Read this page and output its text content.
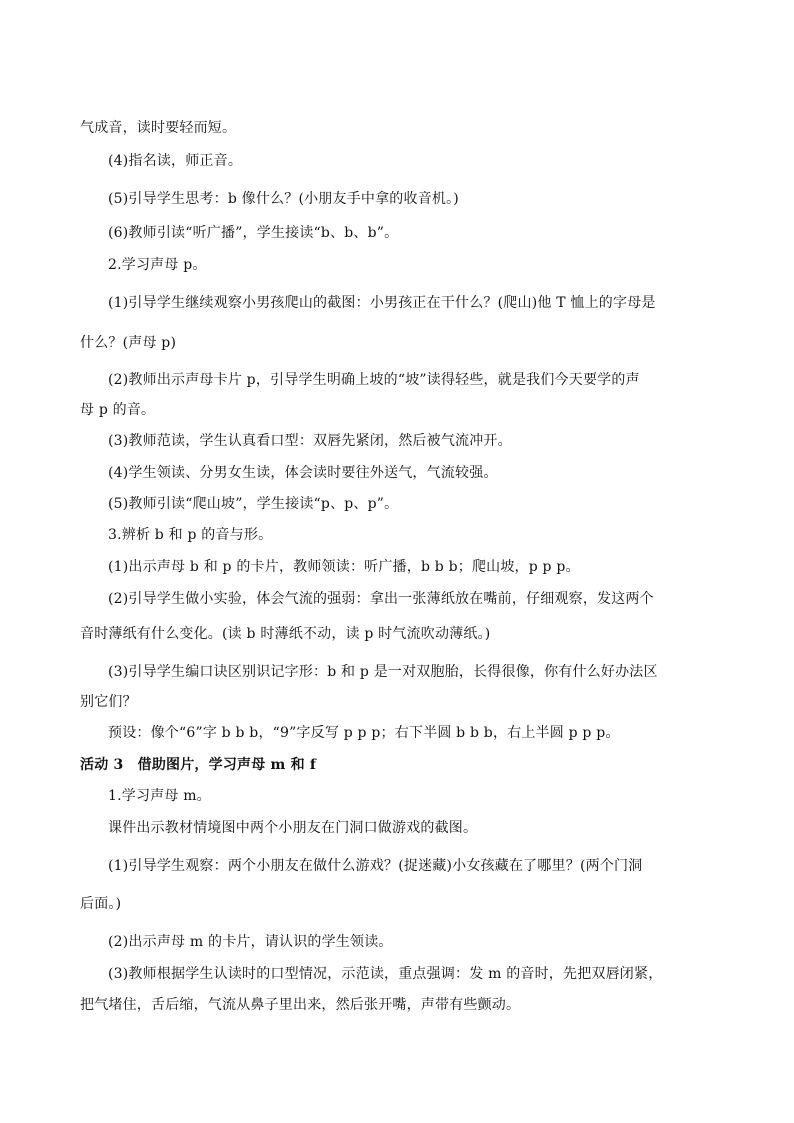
气成音，读时要轻而短。
(4)指名读，师正音。
(5)引导学生思考：b 像什么？(小朋友手中拿的收音机。)
(6)教师引读“听广播”，学生接读“b、b、b”。
2.学习声母 p。
(1)引导学生继续观察小男孩爬山的截图：小男孩正在干什么？(爬山)他 T 恤上的字母是
什么？(声母 p)
(2)教师出示声母卡片 p，引导学生明确上坡的“坡”读得轻些，就是我们今天要学的声
母 p 的音。
(3)教师范读，学生认真看口型：双唇先紧闭，然后被气流冲开。
(4)学生领读、分男女生读，体会读时要往外送气，气流较强。
(5)教师引读“爬山坡”，学生接读“p、p、p”。
3.辨析 b 和 p 的音与形。
(1)出示声母 b 和 p 的卡片，教师领读：听广播，b b b；爬山坡，p p p。
(2)引导学生做小实验，体会气流的强弱：拿出一张薄纸放在嘴前，仔细观察，发这两个
音时薄纸有什么变化。(读 b 时薄纸不动，读 p 时气流吹动薄纸。)
(3)引导学生编口诀区别识记字形：b 和 p 是一对双胞胎，长得很像，你有什么好办法区
别它们？
预设：像个“6”字 b b b，“9”字反写 p p p；右下半圆 b b b，右上半圆 p p p。
活动 3　借助图片，学习声母 m 和 f
1.学习声母 m。
课件出示教材情境图中两个小朋友在门洞口做游戏的截图。
(1)引导学生观察：两个小朋友在做什么游戏？(捉迷藏)小女孩藏在了哪里？(两个门洞
后面。)
(2)出示声母 m 的卡片，请认识的学生领读。
(3)教师根据学生认读时的口型情况，示范读，重点强调：发 m 的音时，先把双唇闭紧，
把气堵住，舌后缩，气流从鼻子里出来，然后张开嘴，声带有些颤动。
